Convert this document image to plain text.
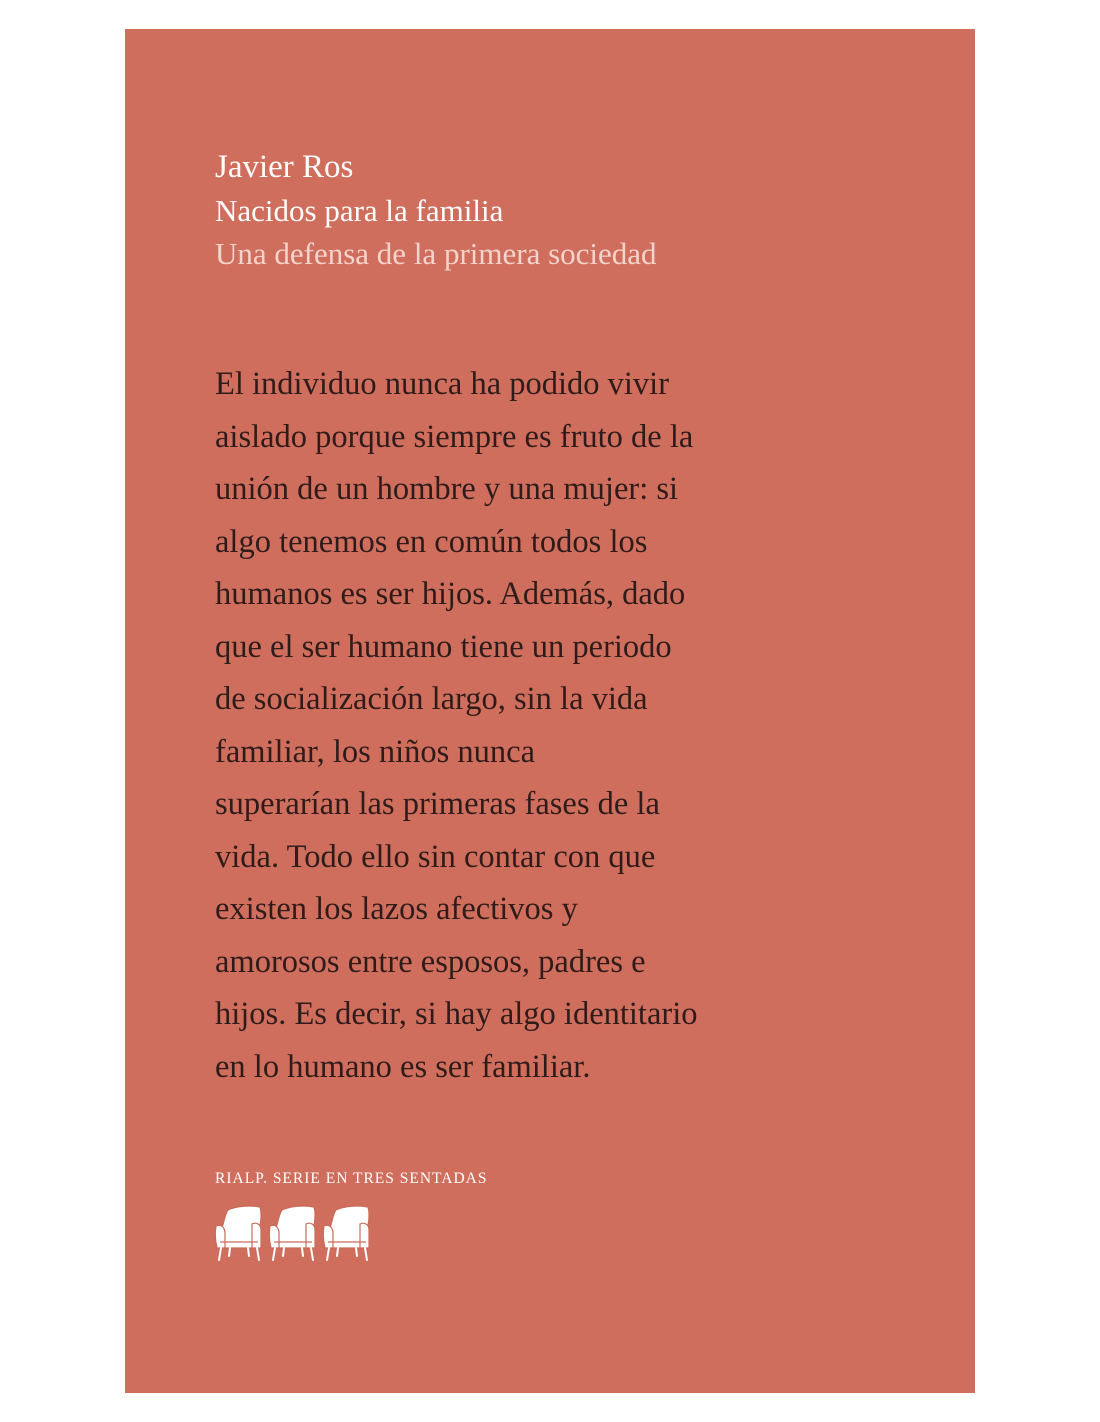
Javier Ros
Nacidos para la familia
Una defensa de la primera sociedad
El individuo nunca ha podido vivir
aislado porque siempre es fruto de la
unión de un hombre y una mujer: si
algo tenemos en común todos los
humanos es ser hijos. Además, dado
que el ser humano tiene un periodo
de socialización largo, sin la vida
familiar, los niños nunca
superarían las primeras fases de la
vida. Todo ello sin contar con que
existen los lazos afectivos y
amorosos entre esposos, padres e
hijos. Es decir, si hay algo identitario
en lo humano es ser familiar.
RIALP. SERIE EN TRES SENTADAS
